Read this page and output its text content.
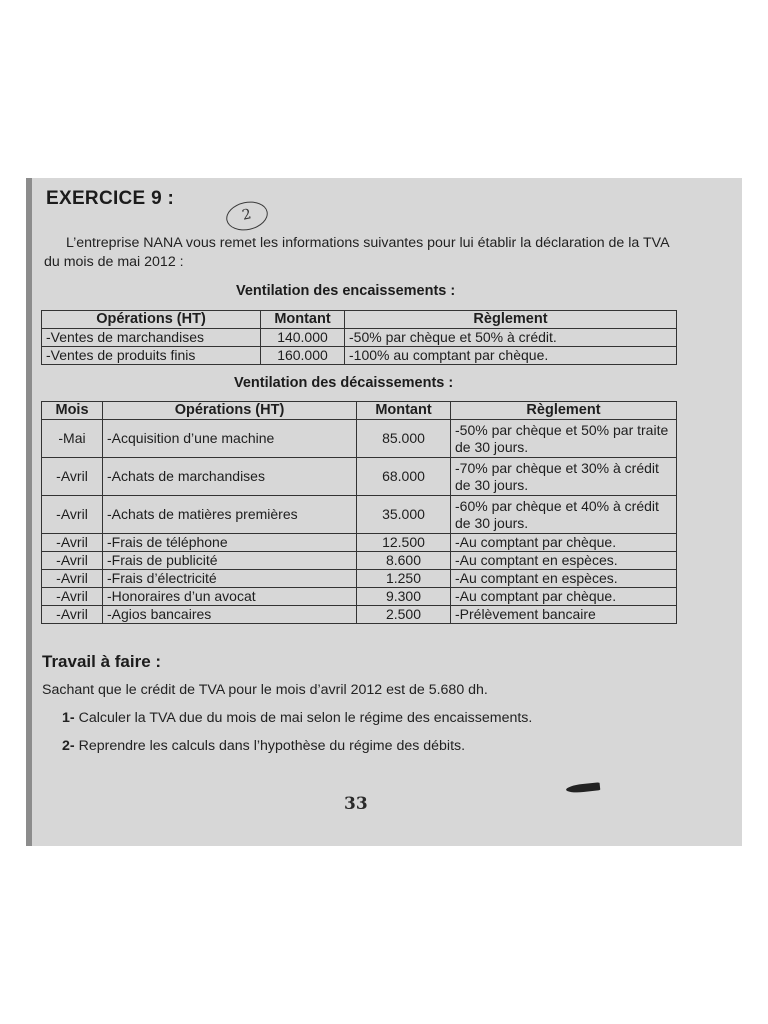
EXERCICE 9 :
2
L’entreprise NANA vous remet les informations suivantes pour lui établir la déclaration de la TVA du mois de mai 2012 :
Ventilation des encaissements :
Opérations (HT)	Montant	Règlement
-Ventes de marchandises	140.000	-50% par chèque et 50% à crédit.
-Ventes de produits finis	160.000	-100% au comptant par chèque.
Ventilation des décaissements :
Mois	Opérations (HT)	Montant	Règlement
-Mai	-Acquisition d’une machine	85.000	-50% par chèque et 50% par traite de 30 jours.
-Avril	-Achats de marchandises	68.000	-70% par chèque et 30% à crédit de 30 jours.
-Avril	-Achats de matières premières	35.000	-60% par chèque et 40% à crédit de 30 jours.
-Avril	-Frais de téléphone	12.500	-Au comptant par chèque.
-Avril	-Frais de publicité	8.600	-Au comptant en espèces.
-Avril	-Frais d’électricité	1.250	-Au comptant en espèces.
-Avril	-Honoraires d’un avocat	9.300	-Au comptant par chèque.
-Avril	-Agios bancaires	2.500	-Prélèvement bancaire
Travail à faire :
Sachant que le crédit de TVA pour le mois d’avril 2012 est de 5.680 dh.
1- Calculer la TVA due du mois de mai selon le régime des encaissements.
2- Reprendre les calculs dans l’hypothèse du régime des débits.
33
